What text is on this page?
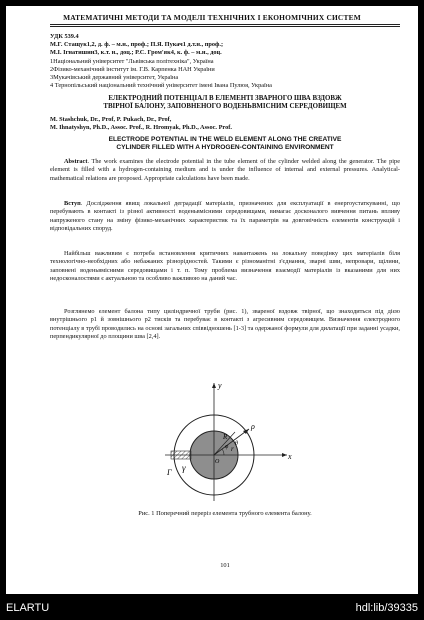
МАТЕМАТИЧНІ МЕТОДИ ТА МОДЕЛІ ТЕХНІЧНИХ І ЕКОНОМІЧНИХ СИСТЕМ
УДК 539.4
М.Г. Стащук1,2, д. ф. – м.н., проф.; П.Я. Пукач1 д.т.н., проф.;
М.І. Ігнатишин3, к.т. н., доц.; Р.С. Гром'як4, к. ф. – м.н., доц.
1Національний університет "Львівська політехніка", Україна
2Фізико-механічний інститут ім. Г.В. Карпенка НАН України
3Мукачівський державний університет, Україна
4 Тернопільський національний технічний університет імені Івана Пулюя, Україна
ЕЛЕКТРОДНИЙ ПОТЕНЦІАЛ В ЕЛЕМЕНТІ ЗВАРНОГО ШВА ВЗДОВЖ
ТВІРНОЇ БАЛОНУ, ЗАПОВНЕНОГО ВОДЕНЬВМІСНИМ СЕРЕДОВИЩЕМ
M. Stashchuk, Dr., Prof, P. Pukach, Dr., Prof,
M. Ihnatyshyn, Ph.D., Assoc. Prof., R. Hromyak, Ph.D., Assoc. Prof.
ELECTRODE POTENTIAL IN THE WELD ELEMENT ALONG THE CREATIVE
CYLINDER FILLED WITH A HYDROGEN-CONTAINING ENVIRONMENT
Abstract. The work examines the electrode potential in the tube element of the cylinder welded along the generator. The pipe element is filled with a hydrogen-containing medium and is under the influence of internal and external pressures. Analytical-mathematical relations are proposed. Appropriate calculations have been made.
Вступ. Дослідження явищ локальної деградації матеріалів, призначених для експлуатації в енергоустаткуванні, що перебувають в контакті із різної активності воденьвмісними середовищами, вимагає досконалого вивчення питань впливу напруженого стану на зміну фізико-механічних характеристик та їх параметрів на довговічність елементів конструкцій і відповідальних споруд.
Найбільш важливим є потреба встановлення критичних навантажень на локальну поведінку цих матеріалів біля технологічно-необхідних або небажаних різнорідностей. Такими є різноманітні з'єднання, зварні шви, непровари, щілини, заповнені воденьвмісними середовищами і т. п. Тому проблема визначення взаємодії матеріалів із вказаними для них недосконалостями є актуальною та особливо важливою на даний час.
Розглянемо елемент балона типу циліндричної труби (рис. 1), звареної вздовж твірної, що знаходиться під дією внутрішнього p1 й зовнішнього p2 тисків та перебуває в контакті з агресивним середовищем. Визначення електродного потенціалу в трубі проводились на основі загальних співвідношень [1-3] та одержаної формули для дилатації при заданні усадки, перпендикулярної до площини шва [2,4].
y
x
R
r
ρ
φ θ
O
γ
Γ
Рис. 1 Поперечний переріз елемента трубного елемента балону.
101
ELARTU	hdl:lib/39335
